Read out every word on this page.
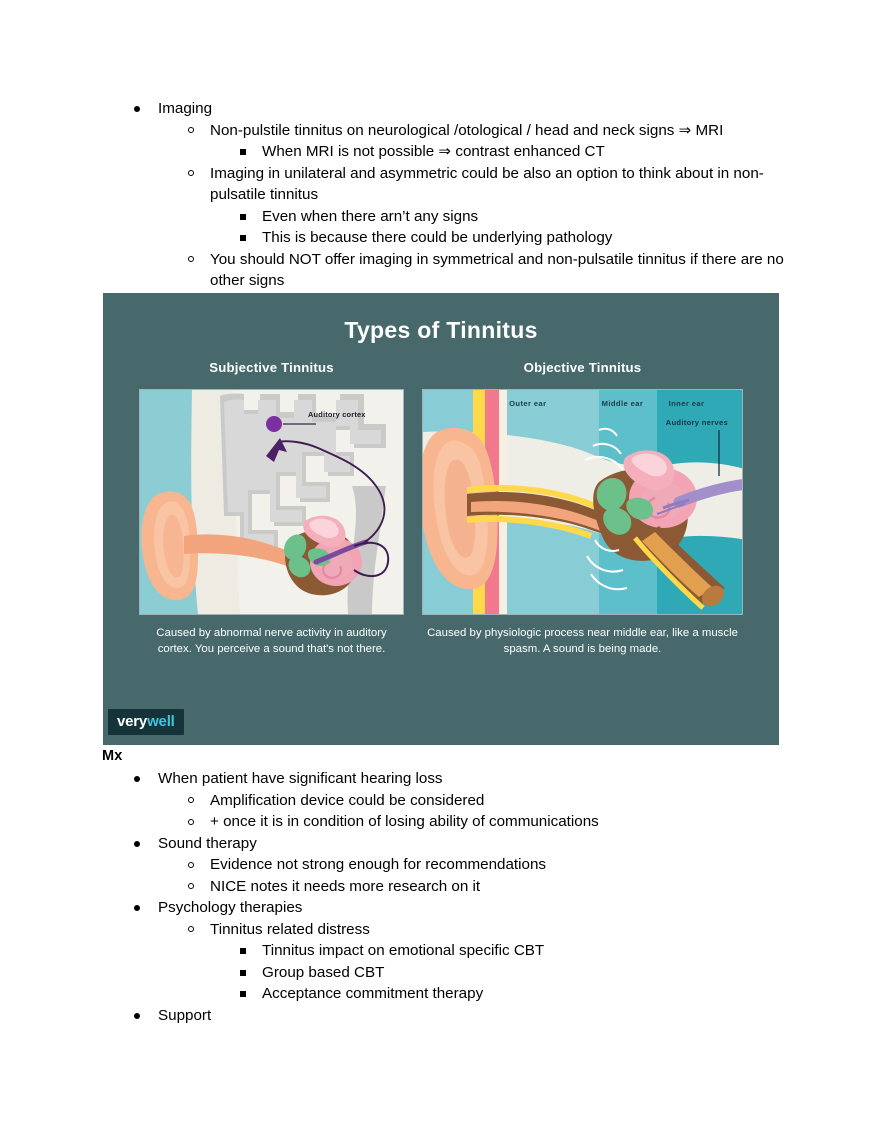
Imaging
Non-pulstile tinnitus on neurological /otological / head and neck signs ⇒ MRI
When MRI is not possible ⇒ contrast enhanced CT
Imaging in unilateral and asymmetric could be also an option to think about in non-pulsatile tinnitus
Even when there arn’t any signs
This is because there could be underlying pathology
You should NOT offer imaging in symmetrical and non-pulsatile tinnitus if there are no other signs
Types of Tinnitus
Subjective Tinnitus
Auditory cortex
Caused by abnormal nerve activity in auditory cortex. You perceive a sound that's not there.
Objective Tinnitus
Outer ear	Middle ear	Inner ear
Auditory nerves
Caused by physiologic process near middle ear, like a muscle spasm. A sound is being made.
verywell
Mx
When patient have significant hearing loss
Amplification device could be considered
+ once it is in condition of losing ability of communications
Sound therapy
Evidence not strong enough for recommendations
NICE notes it needs more research on it
Psychology therapies
Tinnitus related distress
Tinnitus impact on emotional specific CBT
Group based CBT
Acceptance commitment therapy
Support
